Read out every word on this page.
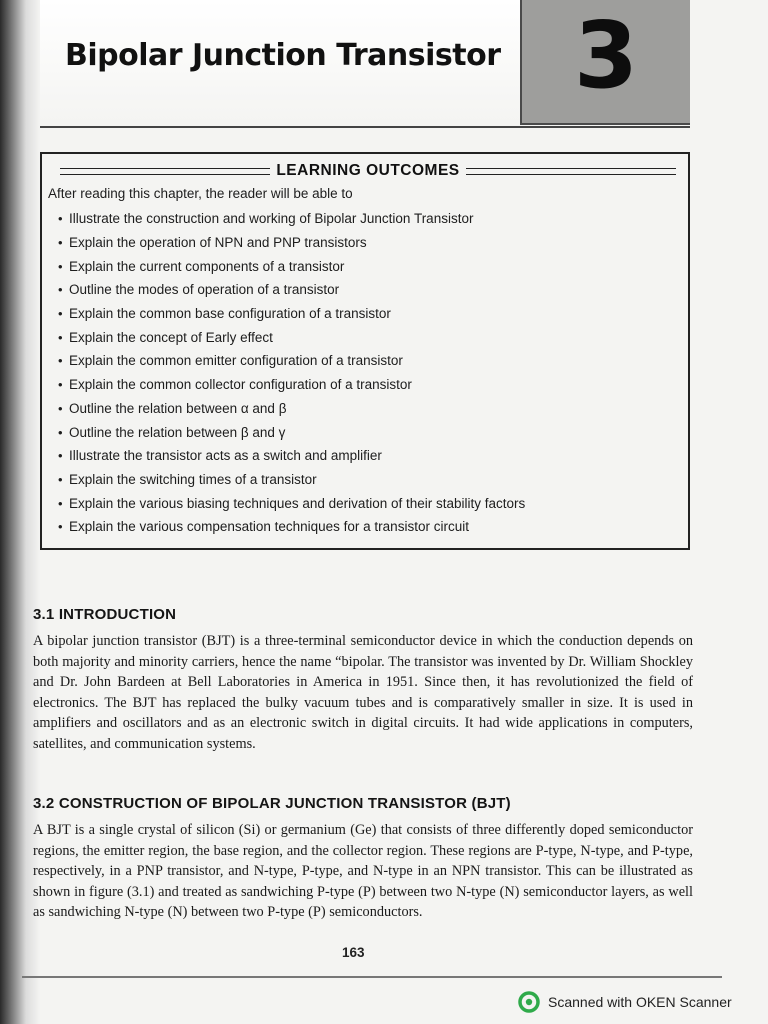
Bipolar Junction Transistor 3
LEARNING OUTCOMES
After reading this chapter, the reader will be able to
• Illustrate the construction and working of Bipolar Junction Transistor
• Explain the operation of NPN and PNP transistors
• Explain the current components of a transistor
• Outline the modes of operation of a transistor
• Explain the common base configuration of a transistor
• Explain the concept of Early effect
• Explain the common emitter configuration of a transistor
• Explain the common collector configuration of a transistor
• Outline the relation between α and β
• Outline the relation between β and γ
• Illustrate the transistor acts as a switch and amplifier
• Explain the switching times of a transistor
• Explain the various biasing techniques and derivation of their stability factors
• Explain the various compensation techniques for a transistor circuit
3.1 INTRODUCTION

A bipolar junction transistor (BJT) is a three-terminal semiconductor device in which the conduction depends on both majority and minority carriers, hence the name “bipolar. The transistor was invented by Dr. William Shockley and Dr. John Bardeen at Bell Laboratories in America in 1951. Since then, it has revolutionized the field of electronics. The BJT has replaced the bulky vacuum tubes and is comparatively smaller in size. It is used in amplifiers and oscillators and as an electronic switch in digital circuits. It had wide applications in computers, satellites, and communication systems.

3.2 CONSTRUCTION OF BIPOLAR JUNCTION TRANSISTOR (BJT)

A BJT is a single crystal of silicon (Si) or germanium (Ge) that consists of three differently doped semiconductor regions, the emitter region, the base region, and the collector region. These regions are P-type, N-type, and P-type, respectively, in a PNP transistor, and N-type, P-type, and N-type in an NPN transistor. This can be illustrated as shown in figure (3.1) and treated as sandwiching P-type (P) between two N-type (N) semiconductor layers, as well as sandwiching N-type (N) between two P-type (P) semiconductors.

163
Scanned with OKEN Scanner
